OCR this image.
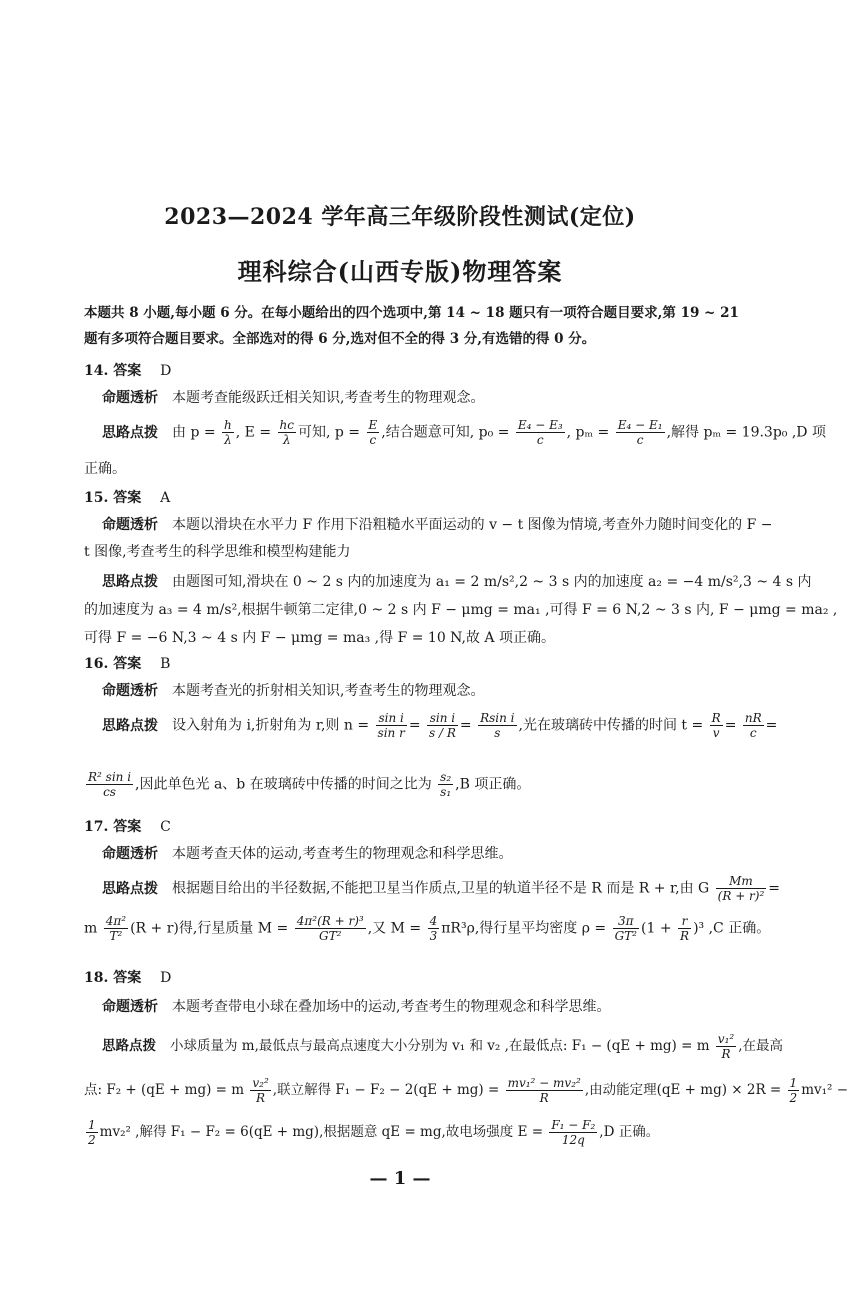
2023—2024 学年高三年级阶段性测试(定位)
理科综合(山西专版)物理答案
本题共 8 小题,每小题 6 分。在每小题给出的四个选项中,第 14 ~ 18 题只有一项符合题目要求,第 19 ~ 21 题有多项符合题目要求。全部选对的得 6 分,选对但不全的得 3 分,有选错的得 0 分。
14. 答案 D
命题透析 本题考查能级跃迁相关知识,考查考生的物理观念。
思路点拨 由 $p = \frac{h}{\lambda}$ , $E = \frac{hc}{\lambda}$ 可知, $p = \frac{E}{c}$ ,结合题意可知, $p_0 = \frac{\text{E₄ − E₃}}{c}$ , $p_m = \frac{\text{E₄ − E₁}}{c}$ ,解得 pₘ = 19.3p₀ ,D 项
正确。
15. 答案 A
命题透析 本题以滑块在水平力 F 作用下沿粗糙水平面运动的 v − t 图像为情境,考查外力随时间变化的 F −
t 图像,考查考生的科学思维和模型构建能力
思路点拨 由题图可知,滑块在 0 ~ 2 s 内的加速度为 a₁ = 2 m/s²,2 ~ 3 s 内的加速度 a₂ = −4 m/s²,3 ~ 4 s 内
的加速度为 a₃ = 4 m/s²,根据牛顿第二定律,0 ~ 2 s 内 F − μmg = ma₁ ,可得 F = 6 N,2 ~ 3 s 内, F − μmg = ma₂ ,
可得 F = −6 N,3 ~ 4 s 内 F − μmg = ma₃ ,得 F = 10 N,故 A 项正确。
16. 答案 B
命题透析 本题考查光的折射相关知识,考查考生的物理观念。
思路点拨 设入射角为 i,折射角为 r,则 $n = \frac{\text{sin i}}{\text{sin r}} = \frac{\text{sin i}}{s / R} = \frac{\text{Rsin i}}{s}$ ,光在玻璃砖中传播的时间 $t = \frac{R}{v} = \frac{nR}{c}$ =
$\frac{\text{R² sin i}}{cs}$ ,因此单色光 a、b 在玻璃砖中传播的时间之比为 $\frac{\text{s₂}}{\text{s₁}} ,B$ 项正确。
17. 答案 C
命题透析 本题考查天体的运动,考查考生的物理观念和科学思维。
思路点拨 根据题目给出的半径数据,不能把卫星当作质点,卫星的轨道半径不是 R 而是 R + r,由 G $\frac{Mm}{\text{(R + r)²}}$ =
m $\frac{\text{4π²}}{\text{T²}} (R + r)$得,行星质量 $M = \frac{\text{4π²(R + r)³}}{\text{GT²}}$ ,又 $M = \frac{4}{3} \pi R^3\rho$,得行星平均密度 $\rho = \frac{3\pi}{\text{GT²}} (1 + \frac{r}{R} )^3$ ,C 正确。
18. 答案 D
命题透析 本题考查带电小球在叠加场中的运动,考查考生的物理观念和科学思维。
思路点拨 小球质量为 m,最低点与最高点速度大小分别为 v₁ 和 v₂ ,在最低点: F₁ − (qE + mg) = m $\frac{\text{v₁²}}{R}$ ,在最高
点: F₂ + (qE + mg) = m $\frac{\text{v₂²}}{R}$ ,联立解得 $F_1 - F_2 - 2(qE + mg) = \frac{\text{mv₁² − mv₂²}}{R}$ ,由动能定理$(qE + mg) \times 2R = \frac{1}{2} mv_1^2$ −
$\frac{1}{2} mv_2^2$ ,解得 F₁ − F₂ = 6(qE + mg),根据题意 qE = mg,故电场强度 $E = \frac{\text{F₁ − F₂}}{12q} ,D$ 正确。
— 1 —
